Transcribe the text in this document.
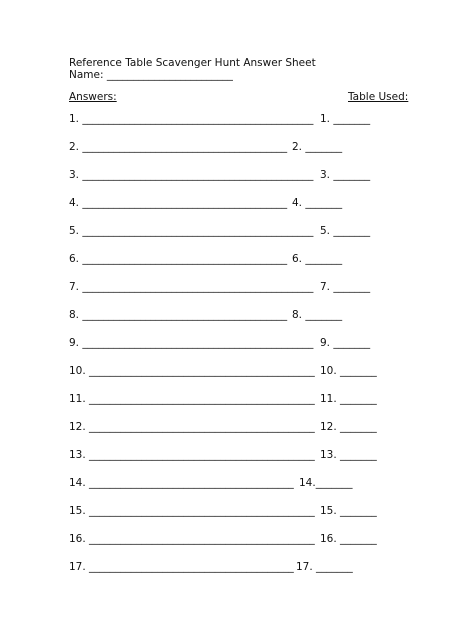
Reference Table Scavenger Hunt Answer Sheet
Name: ________________________
Answers:	Table Used:
1. ____________________________________________ 1. _______
2. _______________________________________ 2. _______
3. ____________________________________________ 3. _______
4. _______________________________________ 4. _______
5. ____________________________________________ 5. _______
6. _______________________________________ 6. _______
7. ____________________________________________ 7. _______
8. _______________________________________ 8. _______
9. ____________________________________________ 9. _______
10. ___________________________________________ 10. _______
11. ___________________________________________ 11. _______
12. ___________________________________________ 12. _______
13. ___________________________________________ 13. _______
14. _______________________________________ 14._______
15. ___________________________________________ 15. _______
16. ___________________________________________ 16. _______
17. _______________________________________ 17. _______
